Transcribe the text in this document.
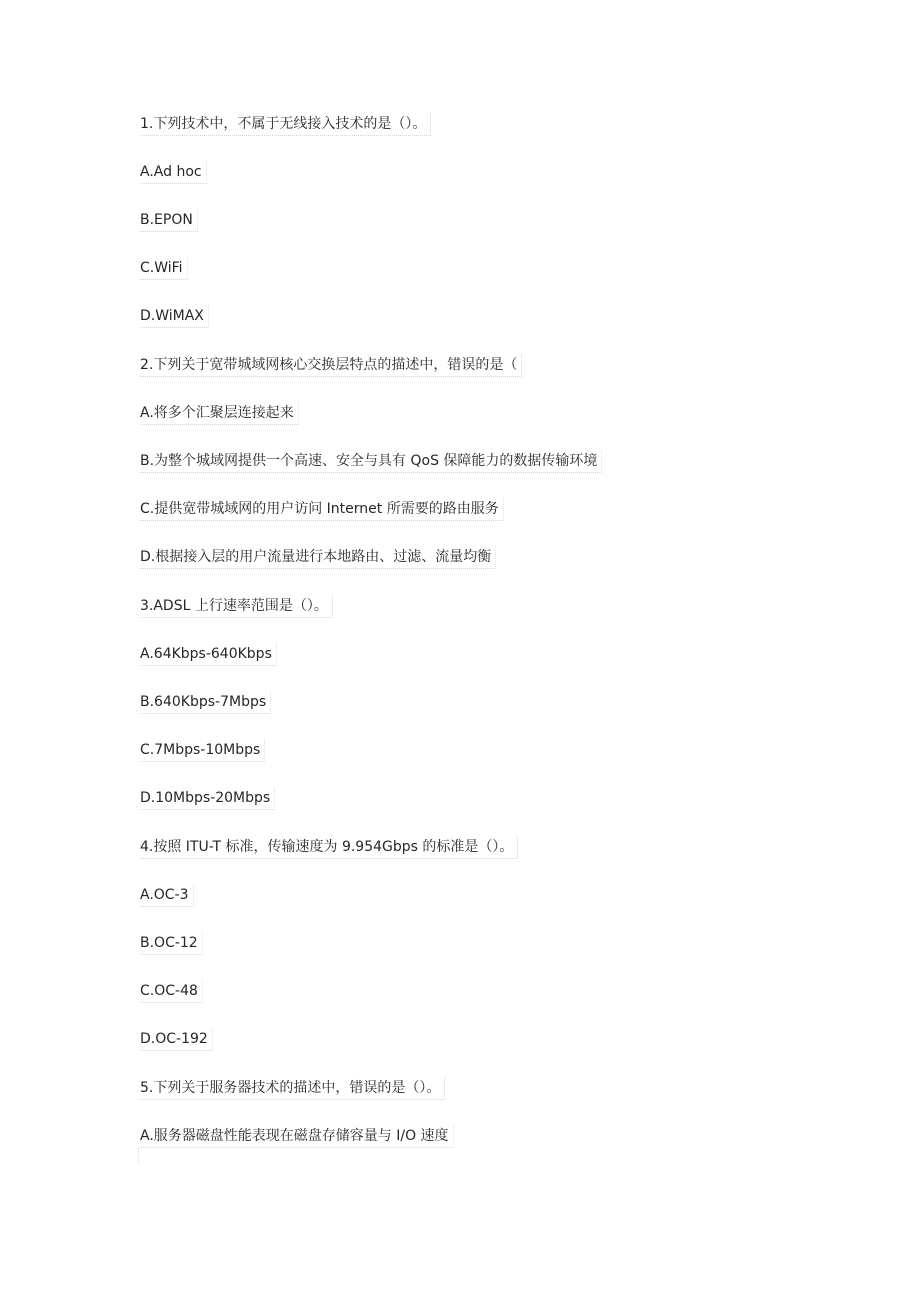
1.下列技术中，不属于无线接入技术的是（）。
A.Ad hoc
B.EPON
C.WiFi
D.WiMAX
2.下列关于宽带城域网核心交换层特点的描述中，错误的是（
A.将多个汇聚层连接起来
B.为整个城域网提供一个高速、安全与具有 QoS 保障能力的数据传输环境
C.提供宽带城域网的用户访问 Internet 所需要的路由服务
D.根据接入层的用户流量进行本地路由、过滤、流量均衡
3.ADSL 上行速率范围是（）。
A.64Kbps-640Kbps
B.640Kbps-7Mbps
C.7Mbps-10Mbps
D.10Mbps-20Mbps
4.按照 ITU-T 标准，传输速度为 9.954Gbps 的标准是（）。
A.OC-3
B.OC-12
C.OC-48
D.OC-192
5.下列关于服务器技术的描述中，错误的是（）。
A.服务器磁盘性能表现在磁盘存储容量与 I/O 速度
